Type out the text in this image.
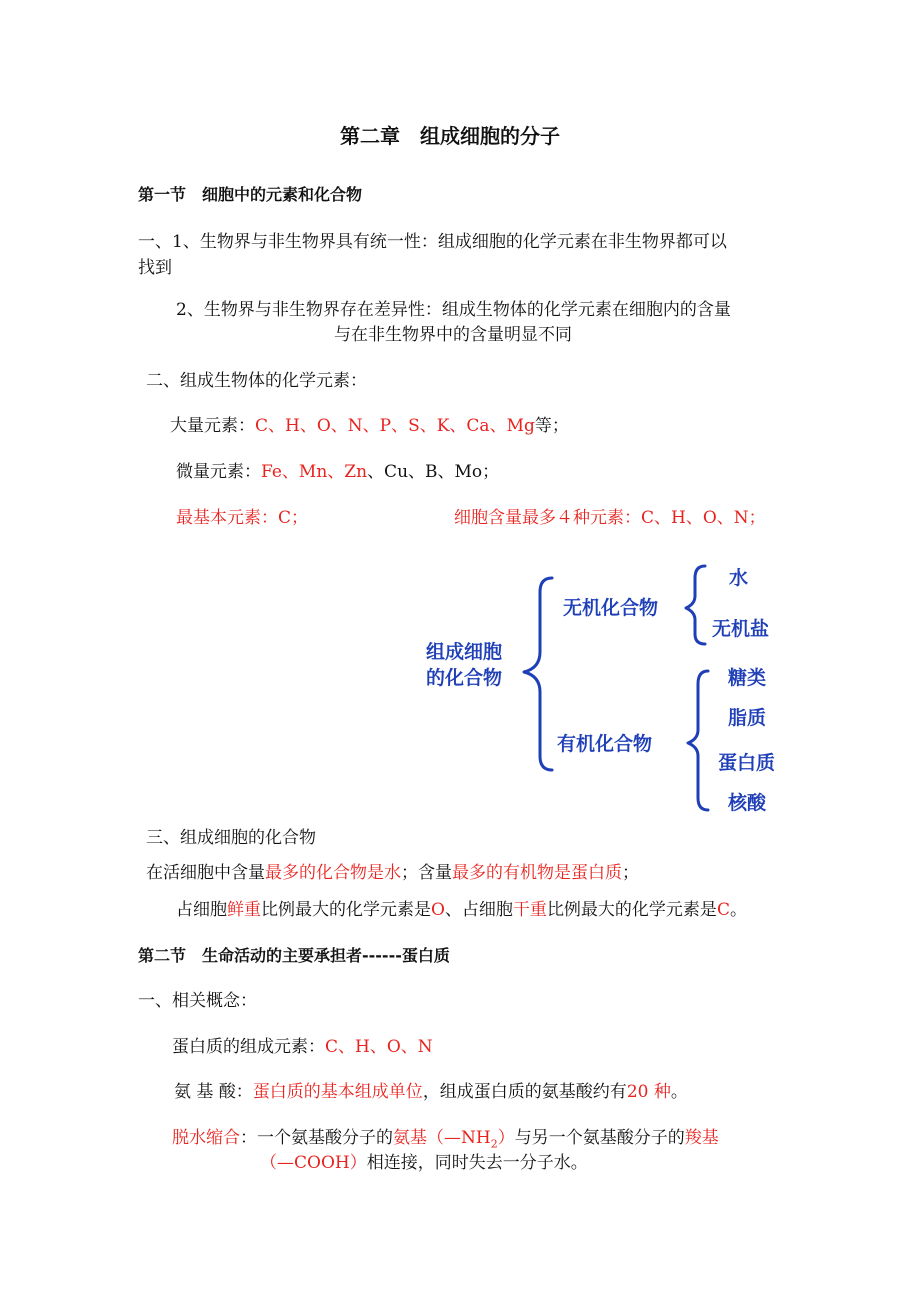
第二章　组成细胞的分子
第一节　细胞中的元素和化合物
一、1、生物界与非生物界具有统一性：组成细胞的化学元素在非生物界都可以
找到
2、生物界与非生物界存在差异性：组成生物体的化学元素在细胞内的含量
与在非生物界中的含量明显不同
二、组成生物体的化学元素：
大量元素：C、H、O、N、P、S、K、Ca、Mg等；
微量元素：Fe、Mn、Zn、Cu、B、Mo；
最基本元素：C；	细胞含量最多４种元素：C、H、O、N；
组成细胞
的化合物
无机化合物
有机化合物
水
无机盐
糖类
脂质
蛋白质
核酸
三、组成细胞的化合物
在活细胞中含量最多的化合物是水；含量最多的有机物是蛋白质；
占细胞鲜重比例最大的化学元素是O、占细胞干重比例最大的化学元素是C。
第二节　生命活动的主要承担者------蛋白质
一、相关概念：
蛋白质的组成元素：C、H、O、N
氨 基 酸：蛋白质的基本组成单位，组成蛋白质的氨基酸约有20 种。
脱水缩合：一个氨基酸分子的氨基$(—NH_2)$与另一个氨基酸分子的羧基
（—COOH）相连接，同时失去一分子水。
